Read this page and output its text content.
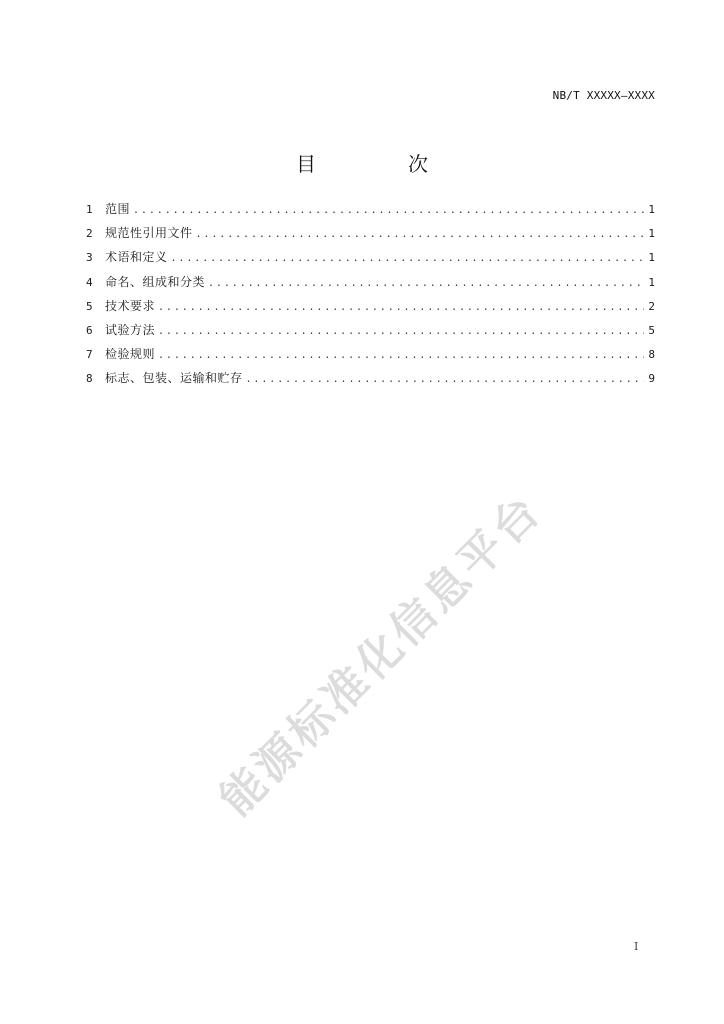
NB/T XXXXX—XXXX
目　次
1	范围 .....	1
2	规范性引用文件 .....	1
3	术语和定义 .....	1
4	命名、组成和分类 .....	1
5	技术要求 .....	2
6	试验方法 .....	5
7	检验规则 .....	8
8	标志、包装、运输和贮存 .....	9
能源标准化信息平台
I
